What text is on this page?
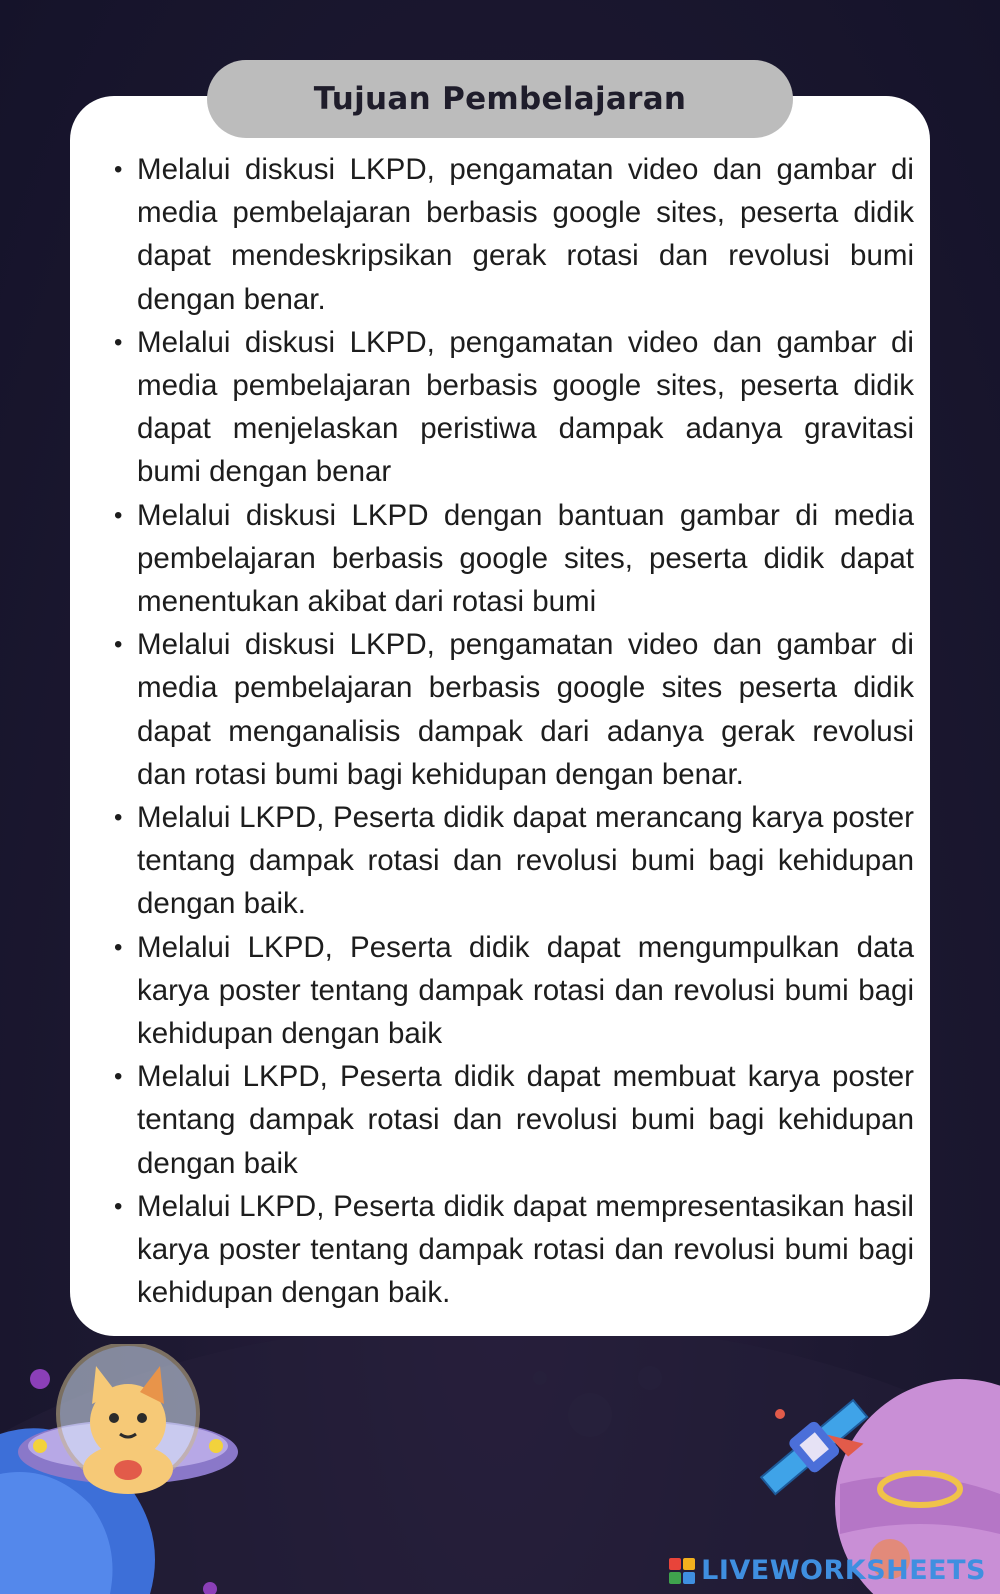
Tujuan Pembelajaran
• Melalui diskusi LKPD, pengamatan video dan gambar di media pembelajaran berbasis google sites, peserta didik dapat mendeskripsikan gerak rotasi dan revolusi bumi dengan benar.
• Melalui diskusi LKPD, pengamatan video dan gambar di media pembelajaran berbasis google sites, peserta didik dapat menjelaskan peristiwa dampak adanya gravitasi bumi dengan benar
• Melalui diskusi LKPD dengan bantuan gambar di media pembelajaran berbasis google sites, peserta didik dapat menentukan akibat dari rotasi bumi
• Melalui diskusi LKPD, pengamatan video dan gambar di media pembelajaran berbasis google sites peserta didik dapat menganalisis dampak dari adanya gerak revolusi dan rotasi bumi bagi kehidupan dengan benar.
• Melalui LKPD, Peserta didik dapat merancang karya poster tentang dampak rotasi dan revolusi bumi bagi kehidupan dengan baik.
• Melalui LKPD, Peserta didik dapat mengumpulkan data karya poster tentang dampak rotasi dan revolusi bumi bagi kehidupan dengan baik
• Melalui LKPD, Peserta didik dapat membuat karya poster tentang dampak rotasi dan revolusi bumi bagi kehidupan dengan baik
• Melalui LKPD, Peserta didik dapat mempresentasikan hasil karya poster tentang dampak rotasi dan revolusi bumi bagi kehidupan dengan baik.
LIVEWORKSHEETS
